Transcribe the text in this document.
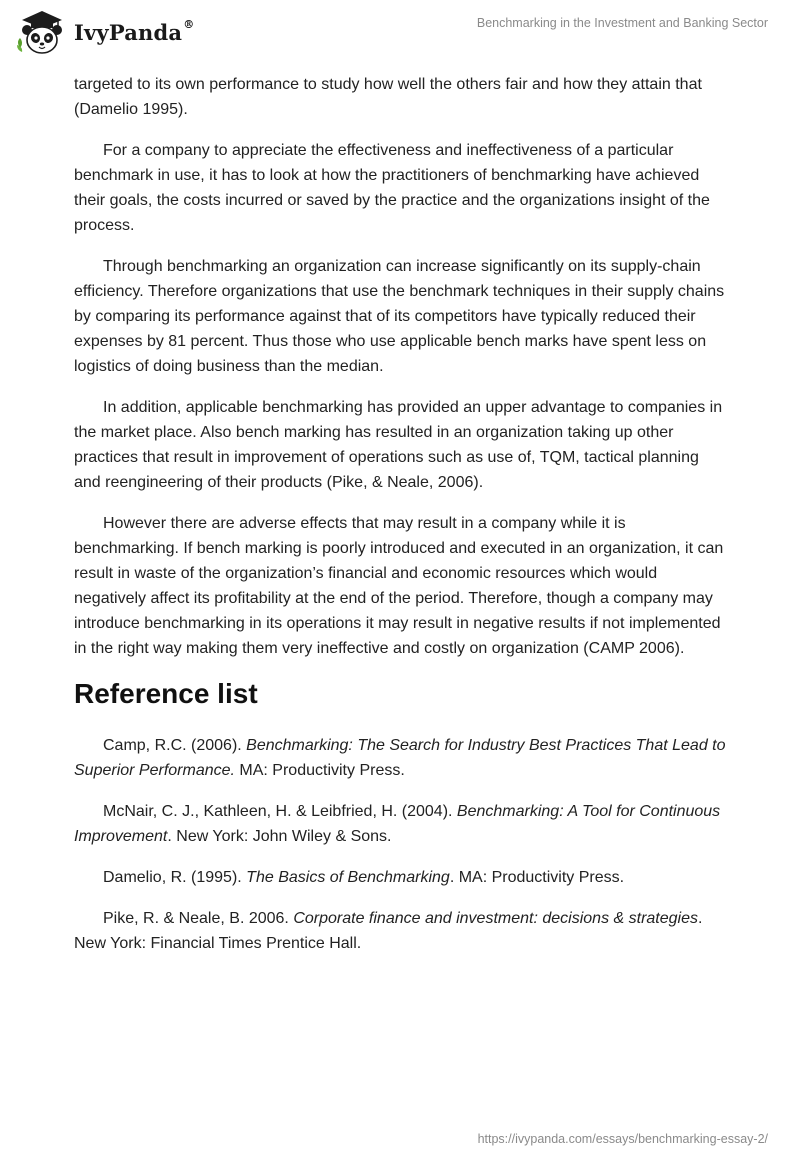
IvyPanda®	Benchmarking in the Investment and Banking Sector

targeted to its own performance to study how well the others fair and how they attain that (Damelio 1995).

For a company to appreciate the effectiveness and ineffectiveness of a particular benchmark in use, it has to look at how the practitioners of benchmarking have achieved their goals, the costs incurred or saved by the practice and the organizations insight of the process.

Through benchmarking an organization can increase significantly on its supply-chain efficiency. Therefore organizations that use the benchmark techniques in their supply chains by comparing its performance against that of its competitors have typically reduced their expenses by 81 percent. Thus those who use applicable bench marks have spent less on logistics of doing business than the median.

In addition, applicable benchmarking has provided an upper advantage to companies in the market place. Also bench marking has resulted in an organization taking up other practices that result in improvement of operations such as use of, TQM, tactical planning and reengineering of their products (Pike, & Neale, 2006).

However there are adverse effects that may result in a company while it is benchmarking. If bench marking is poorly introduced and executed in an organization, it can result in waste of the organization’s financial and economic resources which would negatively affect its profitability at the end of the period. Therefore, though a company may introduce benchmarking in its operations it may result in negative results if not implemented in the right way making them very ineffective and costly on organization (CAMP 2006).

Reference list

Camp, R.C. (2006). Benchmarking: The Search for Industry Best Practices That Lead to Superior Performance. MA: Productivity Press.

McNair, C. J., Kathleen, H. & Leibfried, H. (2004). Benchmarking: A Tool for Continuous Improvement. New York: John Wiley & Sons.

Damelio, R. (1995). The Basics of Benchmarking. MA: Productivity Press.

Pike, R. & Neale, B. 2006. Corporate finance and investment: decisions & strategies. New York: Financial Times Prentice Hall.

https://ivypanda.com/essays/benchmarking-essay-2/
